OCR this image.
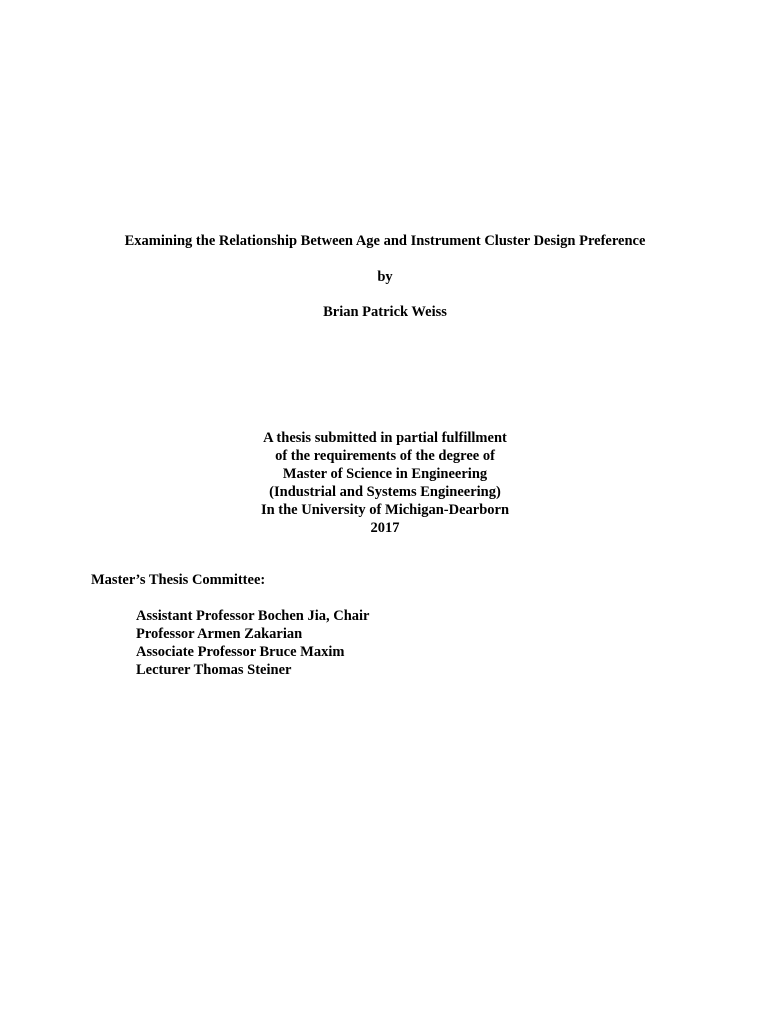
Examining the Relationship Between Age and Instrument Cluster Design Preference
by
Brian Patrick Weiss
A thesis submitted in partial fulfillment
of the requirements of the degree of
Master of Science in Engineering
(Industrial and Systems Engineering)
In the University of Michigan-Dearborn
2017
Master’s Thesis Committee:
Assistant Professor Bochen Jia, Chair
Professor Armen Zakarian
Associate Professor Bruce Maxim
Lecturer Thomas Steiner
